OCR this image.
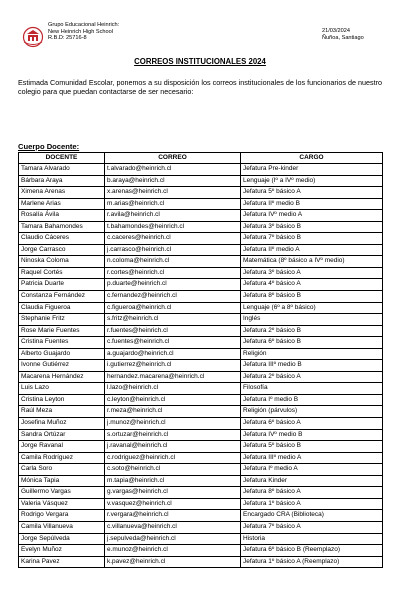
Grupo Educacional Heinrich:
New Heinrich High School
R.B.D: 25716-8
21/03/2024
Ñuñoa, Santiago
CORREOS INSTITUCIONALES 2024
Estimada Comunidad Escolar, ponemos a su disposición los correos institucionales de los funcionarios de nuestro colegio para que puedan contactarse de ser necesario:
Cuerpo Docente:
DOCENTE	CORREO	CARGO
Tamara Alvarado	t.alvarado@heinrich.cl	Jefatura Pre-kinder
Bárbara Araya	b.araya@heinrich.cl	Lenguaje (Iº a IVº medio)
Ximena Arenas	x.arenas@heinrich.cl	Jefatura 5º básico A
Marlene Arias	m.arias@heinrich.cl	Jefatura IIº medio B
Rosalía Ávila	r.avila@heinrich.cl	Jefatura IVº medio A
Tamara Bahamondes	t.bahamondes@heinrich.cl	Jefatura 3º básico B
Claudio Cáceres	c.caceres@heinrich.cl	Jefatura 7º básico B
Jorge Carrasco	j.carrasco@heinrich.cl	Jefatura IIº medio A
Ninoska Coloma	n.coloma@heinrich.cl	Matemática (8º básico a IVº medio)
Raquel Cortés	r.cortes@heinrich.cl	Jefatura 3º básico A
Patricia Duarte	p.duarte@heinrich.cl	Jefatura 4º básico A
Constanza Fernández	c.fernandez@heinrich.cl	Jefatura 8º básico B
Claudia Figueroa	c.figueroa@heinrich.cl	Lenguaje (6º a 8º básico)
Stephanie Fritz	s.fritz@heinrich.cl	Inglés
Rose Marie Fuentes	r.fuentes@heinrich.cl	Jefatura 2º básico B
Cristina Fuentes	c.fuentes@heinrich.cl	Jefatura 6º básico B
Alberto Guajardo	a.guajardo@heinrich.cl	Religión
Ivonne Gutiérrez	i.gutierrez@heinrich.cl	Jefatura IIIº medio B
Macarena Hernández	hernandez.macarena@heinrich.cl	Jefatura 2º básico A
Luis Lazo	l.lazo@heinrich.cl	Filosofía
Cristina Leyton	c.leyton@heinrich.cl	Jefatura Iº medio B
Raúl Meza	r.meza@heinrich.cl	Religión (párvulos)
Josefina Muñoz	j.munoz@heinrich.cl	Jefatura 6º básico A
Sandra Ortúzar	s.ortuzar@heinrich.cl	Jefatura IVº medio B
Jorge Ravanal	j.ravanal@heinrich.cl	Jefatura 5º básico B
Camila Rodríguez	c.rodriguez@heinrich.cl	Jefatura IIIº medio A
Carla Soro	c.soto@heinrich.cl	Jefatura Iº medio A
Mónica Tapia	m.tapia@heinrich.cl	Jefatura Kinder
Guillermo Vargas	g.vargas@heinrich.cl	Jefatura 8º básico A
Valeria Vásquez	v.vasquez@heinrich.cl	Jefatura 1º básico A
Rodrigo Vergara	r.vergara@heinrich.cl	Encargado CRA (Biblioteca)
Camila Villanueva	c.villanueva@heinrich.cl	Jefatura 7º básico A
Jorge Sepúlveda	j.sepulveda@heinrich.cl	Historia
Evelyn Muñoz	e.munoz@heinrich.cl	Jefatura 6º básico B (Reemplazo)
Karina Pavez	k.pavez@heinrich.cl	Jefatura 1º básico A (Reemplazo)
